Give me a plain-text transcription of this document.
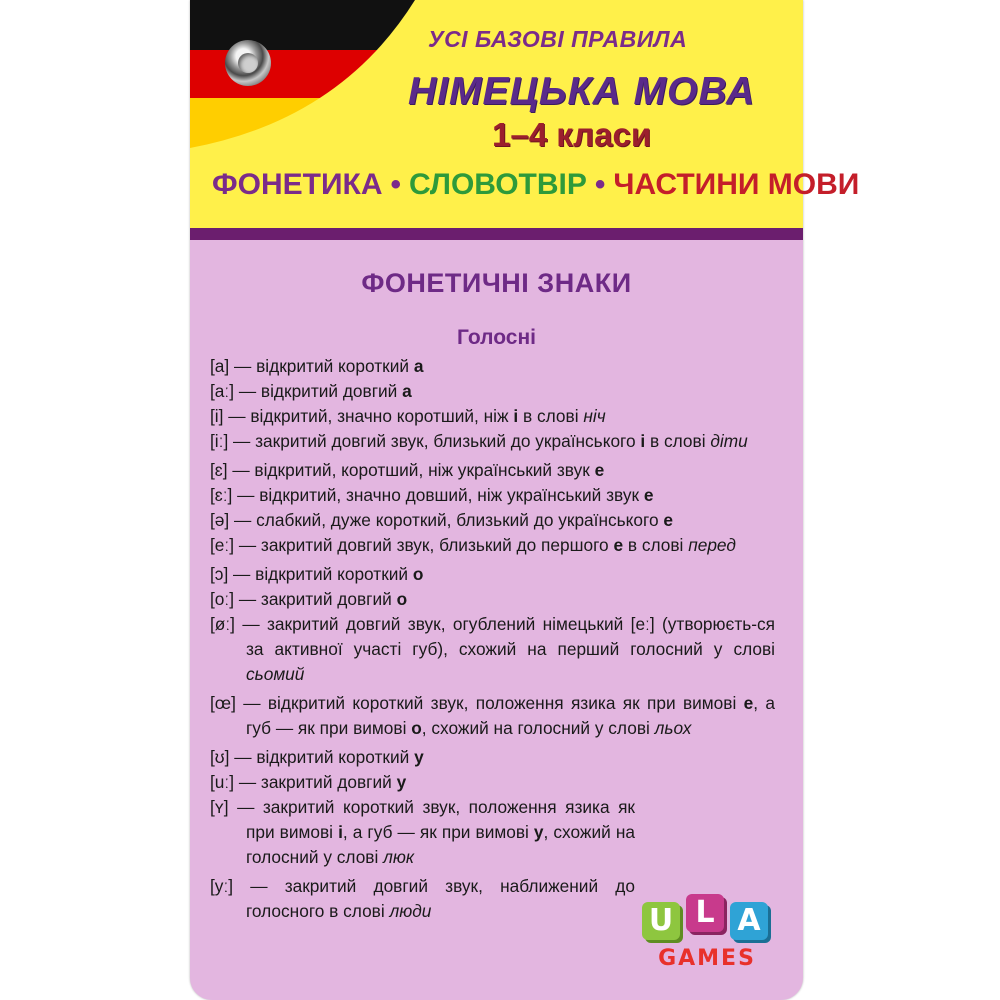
УСІ БАЗОВІ ПРАВИЛА
НІМЕЦЬКА МОВА
1–4 класи
ФОНЕТИКА • СЛОВОТВІР • ЧАСТИНИ МОВИ
ФОНЕТИЧНІ ЗНАКИ
Голосні
[a] — відкритий короткий а
[aː] — відкритий довгий а
[i] — відкритий, значно коротший, ніж і в слові ніч
[iː] — закритий довгий звук, близький до українського і в слові діти
[ɛ] — відкритий, коротший, ніж український звук е
[ɛː] — відкритий, значно довший, ніж український звук е
[ə] — слабкий, дуже короткий, близький до українського е
[eː] — закритий довгий звук, близький до першого е в слові перед
[ɔ] — відкритий короткий о
[oː] — закритий довгий о
[øː] — закритий довгий звук, огублений німецький [eː] (утворюєть-ся за активної участі губ), схожий на перший голосний у слові сьомий
[œ] — відкритий короткий звук, положення язика як при вимові е, а губ — як при вимові о, схожий на голосний у слові льох
[ʊ] — відкритий короткий у
[uː] — закритий довгий у
[ʏ] — закритий короткий звук, положення язика як при вимові і, а губ — як при вимові у, схожий на голосний у слові люк
[yː] — закритий довгий звук, наближений до голосного в слові люди	U L A
GAMES
